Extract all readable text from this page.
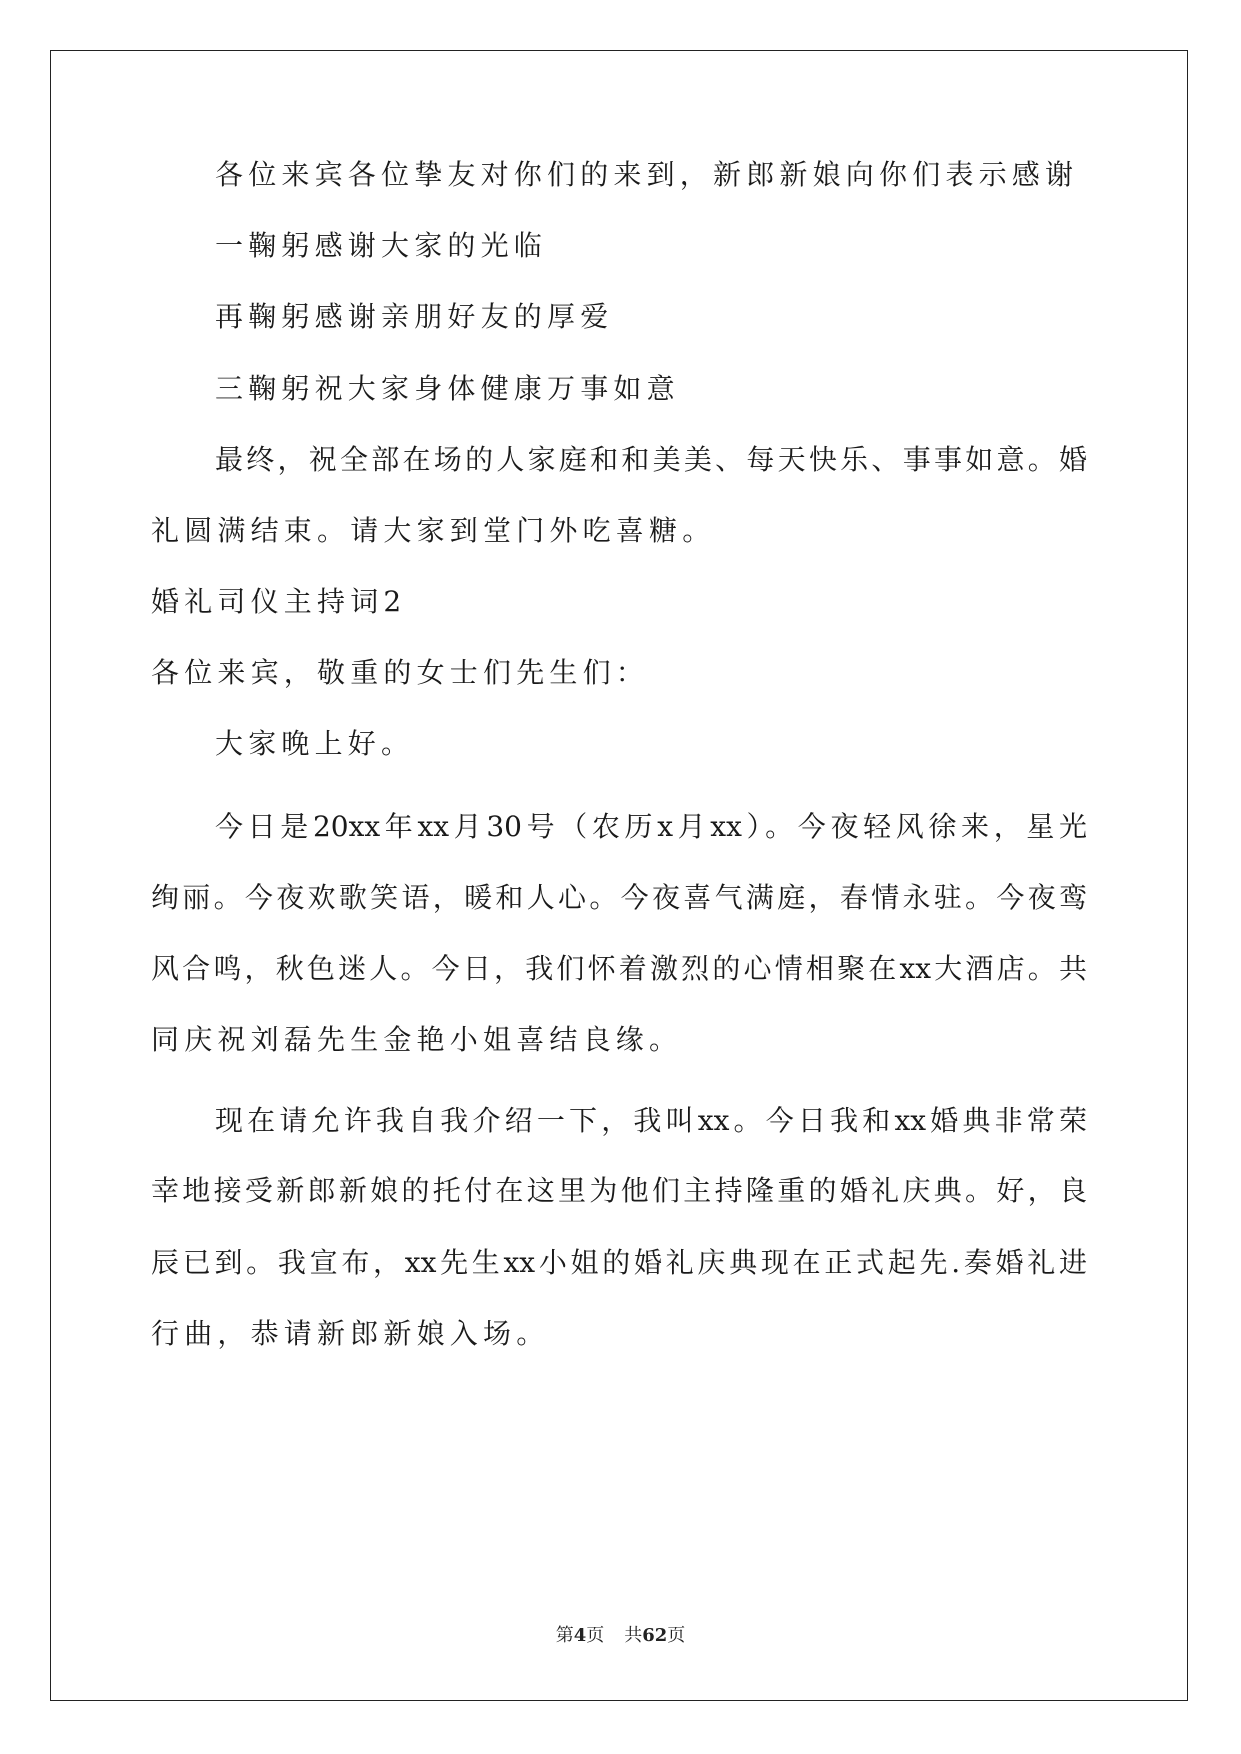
各位来宾各位挚友对你们的来到，新郎新娘向你们表示感谢
一鞠躬感谢大家的光临
再鞠躬感谢亲朋好友的厚爱
三鞠躬祝大家身体健康万事如意
最终，祝全部在场的人家庭和和美美、每天快乐、事事如意。婚
礼圆满结束。请大家到堂门外吃喜糖。
婚礼司仪主持词2
各位来宾，敬重的女士们先生们：
大家晚上好。
今日是20xx年xx月30号（农历x月xx）。今夜轻风徐来，星光
绚丽。今夜欢歌笑语，暖和人心。今夜喜气满庭，春情永驻。今夜鸾
风合鸣，秋色迷人。今日，我们怀着激烈的心情相聚在xx大酒店。共
同庆祝刘磊先生金艳小姐喜结良缘。
现在请允许我自我介绍一下，我叫xx。今日我和xx婚典非常荣
幸地接受新郎新娘的托付在这里为他们主持隆重的婚礼庆典。好，良
辰已到。我宣布，xx先生xx小姐的婚礼庆典现在正式起先.奏婚礼进
行曲，恭请新郎新娘入场。
第4页 共62页
